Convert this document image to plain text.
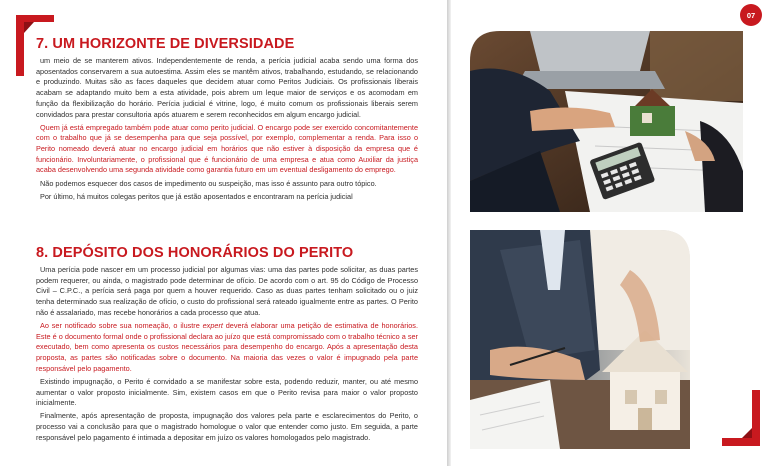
07
7. UM HORIZONTE DE DIVERSIDADE

um meio de se manterem ativos. Independentemente de renda, a perícia judicial acaba sendo uma forma dos aposentados conservarem a sua autoestima. Assim eles se mantêm ativos, trabalhando, estudando, se relacionando e produzindo. Muitas são as faces daqueles que decidem atuar como Peritos Judiciais. Os profissionais liberais acabam se adaptando muito bem a esta atividade, pois abrem um leque maior de serviços e os acomodam em função da flexibilização do horário. Perícia judicial é vitrine, logo, é muito comum os profissionais liberais serem convidados para prestar consultoria após atuarem e serem reconhecidos em algum encargo judicial.

Quem já está empregado também pode atuar como perito judicial. O encargo pode ser exercido concomitantemente com o trabalho que já se desempenha para que seja possível, por exemplo, complementar a renda. Para isso o Perito nomeado deverá atuar no encargo judicial em horários que não estiver à disposição da empresa que é funcionário. Involuntariamente, o profissional que é funcionário de uma empresa e atua como Auxiliar da justiça acaba desenvolvendo uma segunda atividade como garantia futuro em um eventual desligamento do emprego.

Não podemos esquecer dos casos de impedimento ou suspeição, mas isso é assunto para outro tópico.

Por último, há muitos colegas peritos que já estão aposentados e encontraram na perícia judicial

8. DEPÓSITO DOS HONORÁRIOS DO PERITO

Uma perícia pode nascer em um processo judicial por algumas vias: uma das partes pode solicitar, as duas partes podem requerer, ou ainda, o magistrado pode determinar de ofício. De acordo com o art. 95 do Código de Processo Civil – C.P.C., a perícia será paga por quem a houver requerido. Caso as duas partes tenham solicitado ou o juiz tenha determinado sua realização de ofício, o custo do profissional será rateado igualmente entre as partes. O Perito não é assalariado, mas recebe honorários a cada processo que atua.

Ao ser notificado sobre sua nomeação, o ilustre expert deverá elaborar uma petição de estimativa de honorários. Este é o documento formal onde o profissional declara ao juízo que está compromissado com o trabalho técnico a ser executado, bem como apresenta os custos necessários para desempenho do encargo. Após a apresentação desta proposta, as partes são notificadas sobre o documento. Na maioria das vezes o valor é impugnado pela parte responsável pelo pagamento.

Existindo impugnação, o Perito é convidado a se manifestar sobre esta, podendo reduzir, manter, ou até mesmo aumentar o valor proposto inicialmente. Sim, existem casos em que o Perito revisa para maior o valor proposto inicialmente.

Finalmente, após apresentação de proposta, impugnação dos valores pela parte e esclarecimentos do Perito, o processo vai a conclusão para que o magistrado homologue o valor que entender como justo. Em seguida, a parte responsável pelo pagamento é intimada a depositar em juízo os valores homologados pelo magistrado.
